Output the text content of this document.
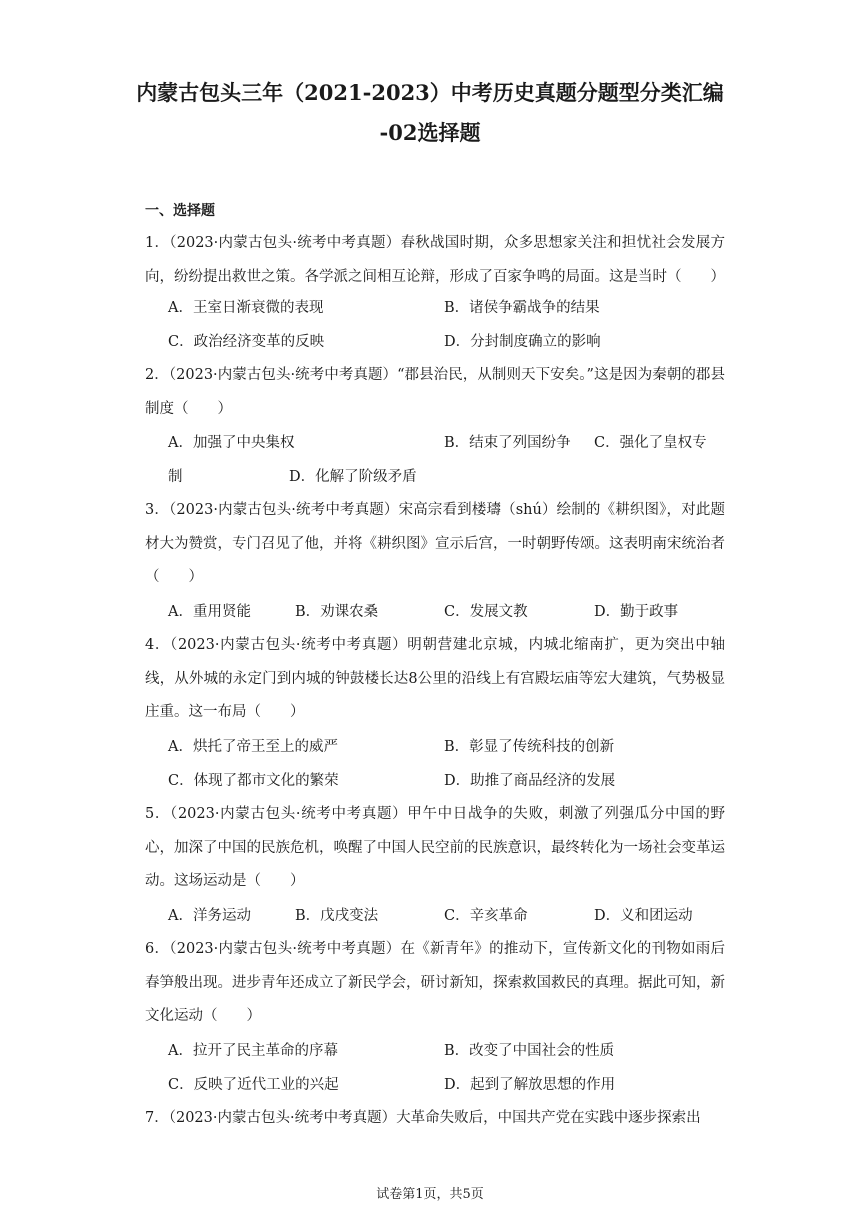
内蒙古包头三年（2021-2023）中考历史真题分题型分类汇编
-02选择题
一、选择题
1．（2023·内蒙古包头·统考中考真题）春秋战国时期，众多思想家关注和担忧社会发展方向，纷纷提出救世之策。各学派之间相互论辩，形成了百家争鸣的局面。这是当时（　　）
A．王室日渐衰微的表现	B．诸侯争霸战争的结果
C．政治经济变革的反映	D．分封制度确立的影响
2．（2023·内蒙古包头·统考中考真题）“郡县治民，从制则天下安矣。”这是因为秦朝的郡县制度（　　）
A．加强了中央集权	B．结束了列国纷争 C．强化了皇权专
制	D．化解了阶级矛盾
3．（2023·内蒙古包头·统考中考真题）宋高宗看到楼璹（shú）绘制的《耕织图》，对此题材大为赞赏，专门召见了他，并将《耕织图》宣示后宫，一时朝野传颂。这表明南宋统治者（　　）
A．重用贤能	B．劝课农桑	C．发展文教	D．勤于政事
4．（2023·内蒙古包头·统考中考真题）明朝营建北京城，内城北缩南扩，更为突出中轴线，从外城的永定门到内城的钟鼓楼长达8公里的沿线上有宫殿坛庙等宏大建筑，气势极显庄重。这一布局（　　）
A．烘托了帝王至上的威严	B．彰显了传统科技的创新
C．体现了都市文化的繁荣	D．助推了商品经济的发展
5．（2023·内蒙古包头·统考中考真题）甲午中日战争的失败，刺激了列强瓜分中国的野心，加深了中国的民族危机，唤醒了中国人民空前的民族意识，最终转化为一场社会变革运动。这场运动是（　　）
A．洋务运动	B．戊戌变法	C．辛亥革命	D．义和团运动
6．（2023·内蒙古包头·统考中考真题）在《新青年》的推动下，宣传新文化的刊物如雨后春笋般出现。进步青年还成立了新民学会，研讨新知，探索救国救民的真理。据此可知，新文化运动（　　）
A．拉开了民主革命的序幕	B．改变了中国社会的性质
C．反映了近代工业的兴起	D．起到了解放思想的作用
7．（2023·内蒙古包头·统考中考真题）大革命失败后，中国共产党在实践中逐步探索出
试卷第1页，共5页
